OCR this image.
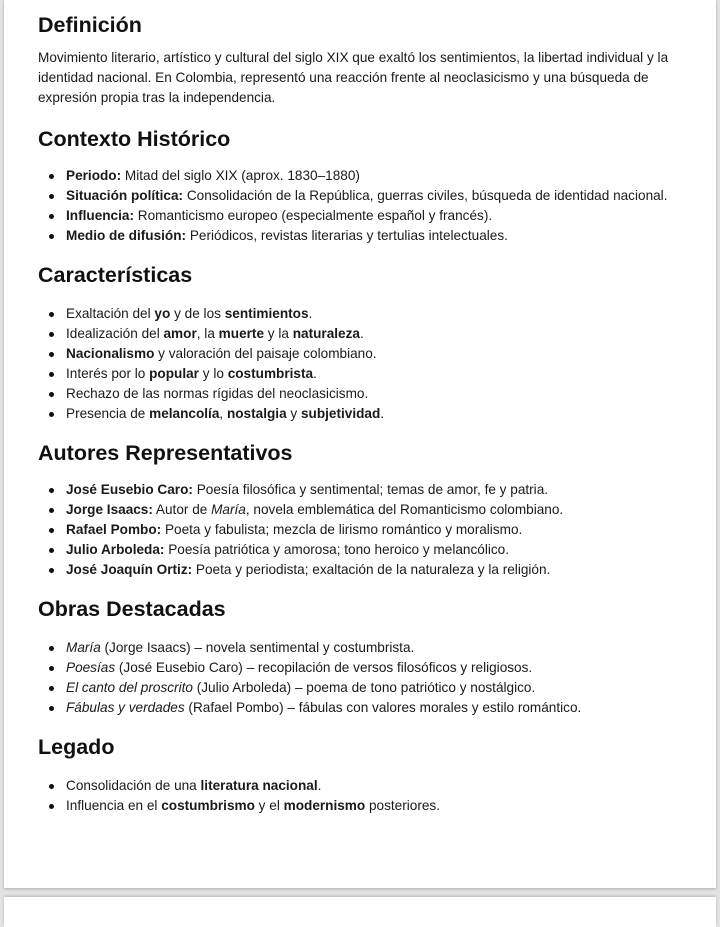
Definición

Movimiento literario, artístico y cultural del siglo XIX que exaltó los sentimientos, la libertad individual y la identidad nacional. En Colombia, representó una reacción frente al neoclasicismo y una búsqueda de expresión propia tras la independencia.

Contexto Histórico
Periodo: Mitad del siglo XIX (aprox. 1830–1880)
Situación política: Consolidación de la República, guerras civiles, búsqueda de identidad nacional.
Influencia: Romanticismo europeo (especialmente español y francés).
Medio de difusión: Periódicos, revistas literarias y tertulias intelectuales.
Características
Exaltación del yo y de los sentimientos.
Idealización del amor, la muerte y la naturaleza.
Nacionalismo y valoración del paisaje colombiano.
Interés por lo popular y lo costumbrista.
Rechazo de las normas rígidas del neoclasicismo.
Presencia de melancolía, nostalgia y subjetividad.
Autores Representativos
José Eusebio Caro: Poesía filosófica y sentimental; temas de amor, fe y patria.
Jorge Isaacs: Autor de María, novela emblemática del Romanticismo colombiano.
Rafael Pombo: Poeta y fabulista; mezcla de lirismo romántico y moralismo.
Julio Arboleda: Poesía patriótica y amorosa; tono heroico y melancólico.
José Joaquín Ortiz: Poeta y periodista; exaltación de la naturaleza y la religión.
Obras Destacadas
María (Jorge Isaacs) – novela sentimental y costumbrista.
Poesías (José Eusebio Caro) – recopilación de versos filosóficos y religiosos.
El canto del proscrito (Julio Arboleda) – poema de tono patriótico y nostálgico.
Fábulas y verdades (Rafael Pombo) – fábulas con valores morales y estilo romántico.
Legado
Consolidación de una literatura nacional.
Influencia en el costumbrismo y el modernismo posteriores.
